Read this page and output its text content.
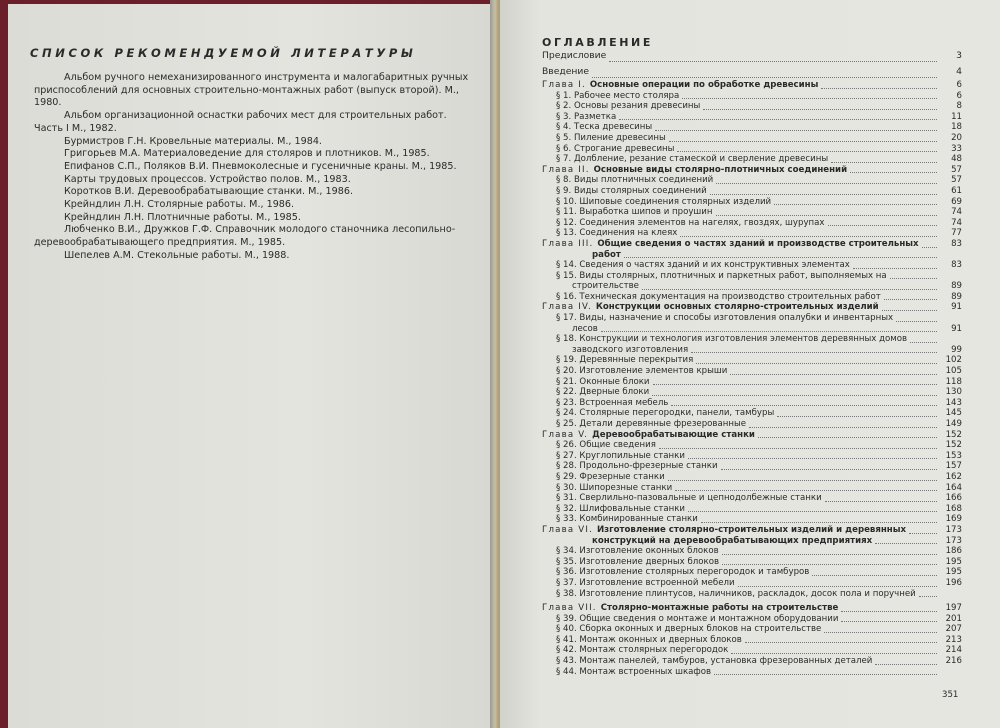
СПИСОК РЕКОМЕНДУЕМОЙ ЛИТЕРАТУРЫ

Альбом ручного немеханизированного инструмента и малогабаритных ручных приспособлений для основных строительно-монтажных работ (выпуск второй). М., 1980.

Альбом организационной оснастки рабочих мест для строительных работ. Часть I М., 1982.

Бурмистров Г.Н. Кровельные материалы. М., 1984.

Григорьев М.А. Материаловедение для столяров и плотников. М., 1985.

Епифанов С.П., Поляков В.И. Пневмоколесные и гусеничные краны. М., 1985.

Карты трудовых процессов. Устройство полов. М., 1983.

Коротков В.И. Деревообрабатывающие станки. М., 1986.

Крейндлин Л.Н. Столярные работы. М., 1986.

Крейндлин Л.Н. Плотничные работы. М., 1985.

Любченко В.И., Дружков Г.Ф. Справочник молодого станочника лесопильно-деревообрабатывающего предприятия. М., 1985.

Шепелев А.М. Стекольные работы. М., 1988.

ОГЛАВЛЕНИЕ
Предисловие	3
Введение	4
Глава I. Основные операции по обработке древесины	6
§ 1. Рабочее место столяра	6
§ 2. Основы резания древесины	8
§ 3. Разметка	11
§ 4. Теска древесины	18
§ 5. Пиление древесины	20
§ 6. Строгание древесины	33
§ 7. Долбление, резание стамеской и сверление древесины	48
Глава II. Основные виды столярно-плотничных соединений	57
§ 8. Виды плотничных соединений	57
§ 9. Виды столярных соединений	61
§ 10. Шиповые соединения столярных изделий	69
§ 11. Выработка шипов и проушин	74
§ 12. Соединения элементов на нагелях, гвоздях, шурупах	74
§ 13. Соединения на клеях	77
Глава III. Общие сведения о частях зданий и производстве строительных	83
работ
§ 14. Сведения о частях зданий и их конструктивных элементах	83
§ 15. Виды столярных, плотничных и паркетных работ, выполняемых на
строительстве	89
§ 16. Техническая документация на производство строительных работ	89
Глава IV. Конструкции основных столярно-строительных изделий	91
§ 17. Виды, назначение и способы изготовления опалубки и инвентарных
лесов	91
§ 18. Конструкции и технология изготовления элементов деревянных домов
заводского изготовления	99
§ 19. Деревянные перекрытия	102
§ 20. Изготовление элементов крыши	105
§ 21. Оконные блоки	118
§ 22. Дверные блоки	130
§ 23. Встроенная мебель	143
§ 24. Столярные перегородки, панели, тамбуры	145
§ 25. Детали деревянные фрезерованные	149
Глава V. Деревообрабатывающие станки	152
§ 26. Общие сведения	152
§ 27. Круглопильные станки	153
§ 28. Продольно-фрезерные станки	157
§ 29. Фрезерные станки	162
§ 30. Шипорезные станки	164
§ 31. Сверлильно-пазовальные и цепнодолбежные станки	166
§ 32. Шлифовальные станки	168
§ 33. Комбинированные станки	169
Глава VI. Изготовление столярно-строительных изделий и деревянных	173
конструкций на деревообрабатывающих предприятиях	173
§ 34. Изготовление оконных блоков	186
§ 35. Изготовление дверных блоков	195
§ 36. Изготовление столярных перегородок и тамбуров	195
§ 37. Изготовление встроенной мебели	196
§ 38. Изготовление плинтусов, наличников, раскладок, досок пола и поручней
Глава VII. Столярно-монтажные работы на строительстве	197
§ 39. Общие сведения о монтаже и монтажном оборудовании	201
§ 40. Сборка оконных и дверных блоков на строительстве	207
§ 41. Монтаж оконных и дверных блоков	213
§ 42. Монтаж столярных перегородок	214
§ 43. Монтаж панелей, тамбуров, установка фрезерованных деталей	216
§ 44. Монтаж встроенных шкафов
351
